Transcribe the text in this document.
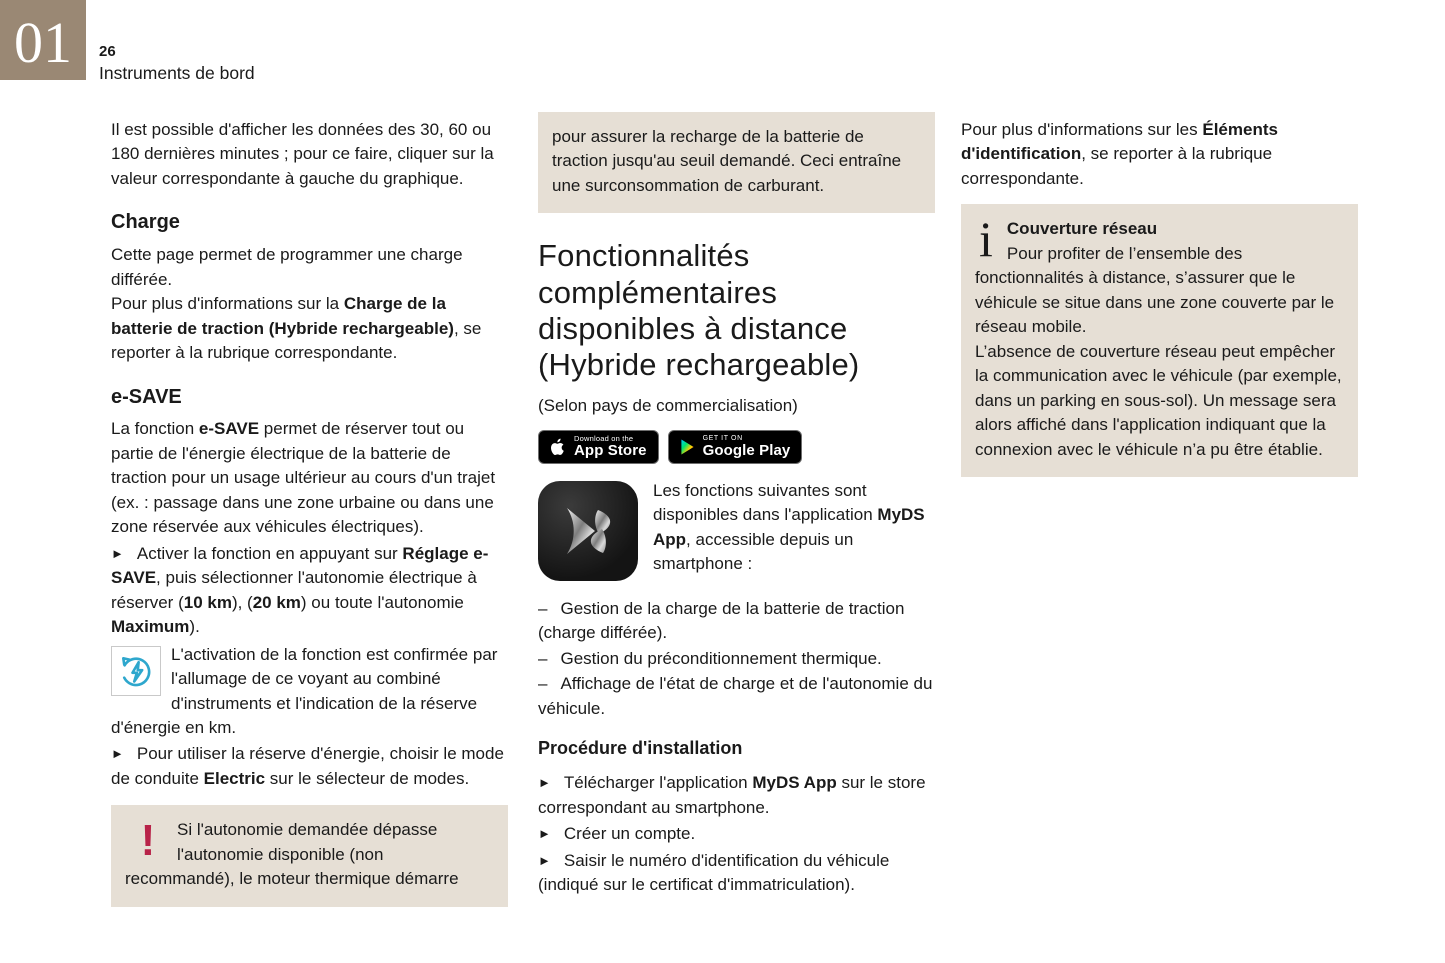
01 26
Instruments de bord

Il est possible d'afficher les données des 30, 60 ou 180 dernières minutes ; pour ce faire, cliquer sur la valeur correspondante à gauche du graphique.

Charge

Cette page permet de programmer une charge différée.

Pour plus d'informations sur la Charge de la batterie de traction (Hybride rechargeable), se reporter à la rubrique correspondante.

e-SAVE

La fonction e-SAVE permet de réserver tout ou partie de l'énergie électrique de la batterie de traction pour un usage ultérieur au cours d'un trajet (ex. : passage dans une zone urbaine ou dans une zone réservée aux véhicules électriques).

► Activer la fonction en appuyant sur Réglage e-SAVE, puis sélectionner l'autonomie électrique à réserver (10 km), (20 km) ou toute l'autonomie Maximum).

L'activation de la fonction est confirmée par l'allumage de ce voyant au combiné d'instruments et l'indication de la réserve d'énergie en km.

► Pour utiliser la réserve d'énergie, choisir le mode de conduite Electric sur le sélecteur de modes.

!	Si l'autonomie demandée dépasse l'autonomie disponible (non recommandé), le moteur thermique démarre

pour assurer la recharge de la batterie de traction jusqu'au seuil demandé. Ceci entraîne une surconsommation de carburant.

Fonctionnalités complémentaires disponibles à distance (Hybride rechargeable)

(Selon pays de commercialisation)

Download on the
App Store
GET IT ON
Google Play

Les fonctions suivantes sont disponibles dans l'application MyDS App, accessible depuis un smartphone :

– Gestion de la charge de la batterie de traction (charge différée).

– Gestion du préconditionnement thermique.

– Affichage de l'état de charge et de l'autonomie du véhicule.

Procédure d'installation

► Télécharger l'application MyDS App sur le store correspondant au smartphone.

► Créer un compte.

► Saisir le numéro d'identification du véhicule (indiqué sur le certificat d'immatriculation).

Pour plus d'informations sur les Éléments d'identification, se reporter à la rubrique correspondante.

i Couverture réseau

Pour profiter de l’ensemble des fonctionnalités à distance, s’assurer que le véhicule se situe dans une zone couverte par le réseau mobile.

L’absence de couverture réseau peut empêcher la communication avec le véhicule (par exemple, dans un parking en sous-sol). Un message sera alors affiché dans l'application indiquant que la connexion avec le véhicule n’a pu être établie.
